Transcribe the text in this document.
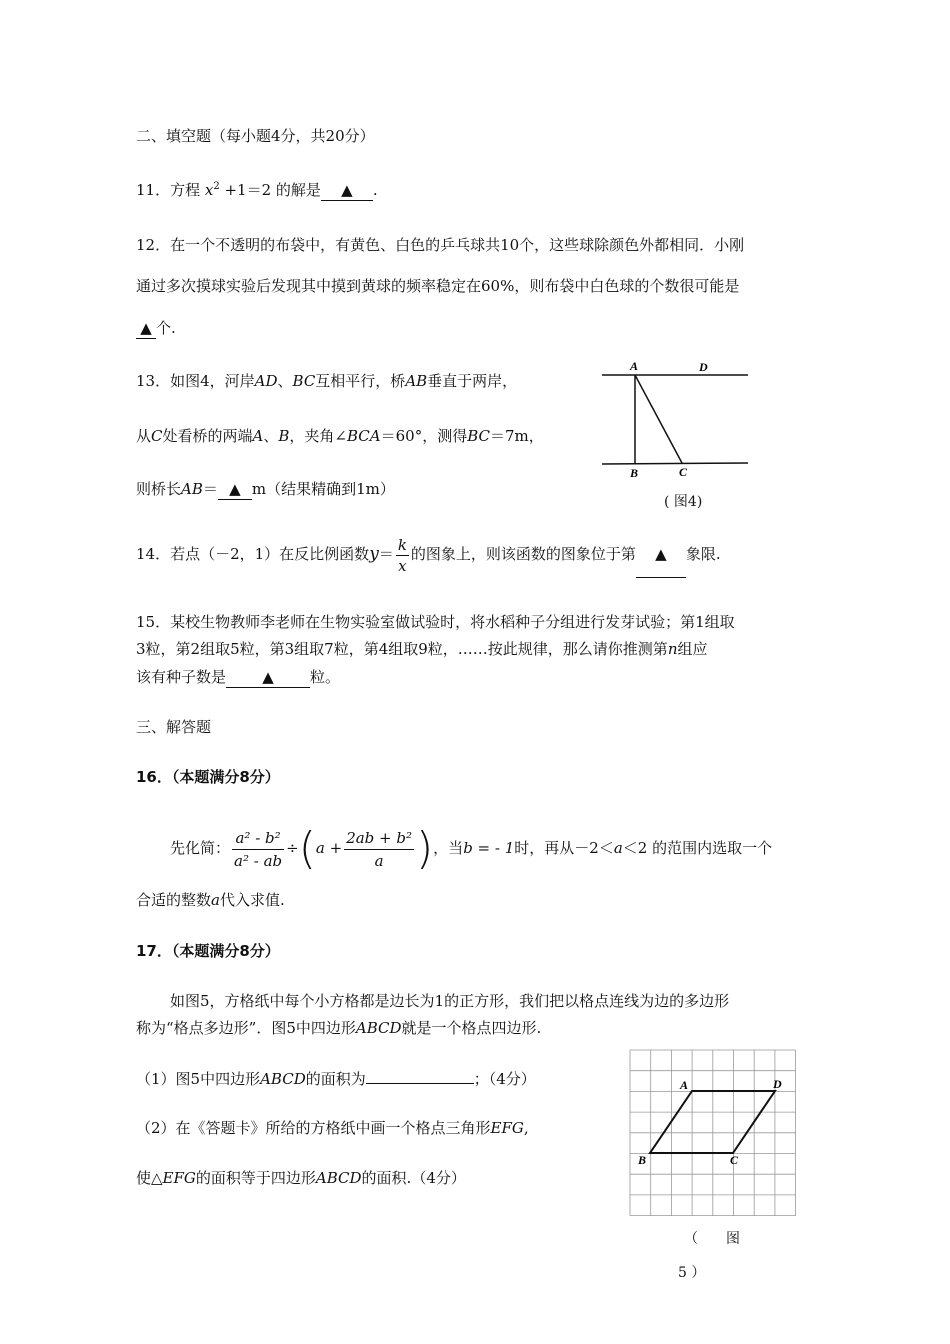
二、填空题（每小题4分，共20分）
11．方程 $x^2 +1=2$ 的解是 ▲ .
12．在一个不透明的布袋中，有黄色、白色的乒乓球共10个，这些球除颜色外都相同．小刚
通过多次摸球实验后发现其中摸到黄球的频率稳定在60%，则布袋中白色球的个数很可能是
▲ 个.
13．如图4，河岸AD、BC互相平行，桥AB垂直于两岸，
从C处看桥的两端A、B，夹角∠BCA＝60°，测得BC＝7m，
则桥长AB＝ ▲ m（结果精确到1m）
A	D
B	C
( 图4)
14．若点（－2，1）在反比例函数$y= \frac{k}{x}$ 的图象上，则该函数的图象位于第 ▲ 象限.
15．某校生物教师李老师在生物实验室做试验时，将水稻种子分组进行发芽试验；第1组取
3粒，第2组取5粒，第3组取7粒，第4组取9粒，……按此规律，那么请你推测第n组应
该有种子数是 ▲ 粒。
三、解答题
16．（本题满分8分）
先化简： $\frac{\text{a² - b²}}{\text{a² - ab}} \div(a + \frac{\text{2ab + b²}}{a}$ )，当b = - 1时，再从－2＜a＜2 的范围内选取一个
合适的整数a代入求值.
17．（本题满分8分）
如图5，方格纸中每个小方格都是边长为1的正方形，我们把以格点连线为边的多边形
称为“格点多边形”．图5中四边形ABCD就是一个格点四边形.
（1）图5中四边形ABCD的面积为	；（4分）
（2）在《答题卡》所给的方格纸中画一个格点三角形EFG,
使△EFG的面积等于四边形ABCD的面积.（4分）
A	D
B	C
（　　图
5 ）
